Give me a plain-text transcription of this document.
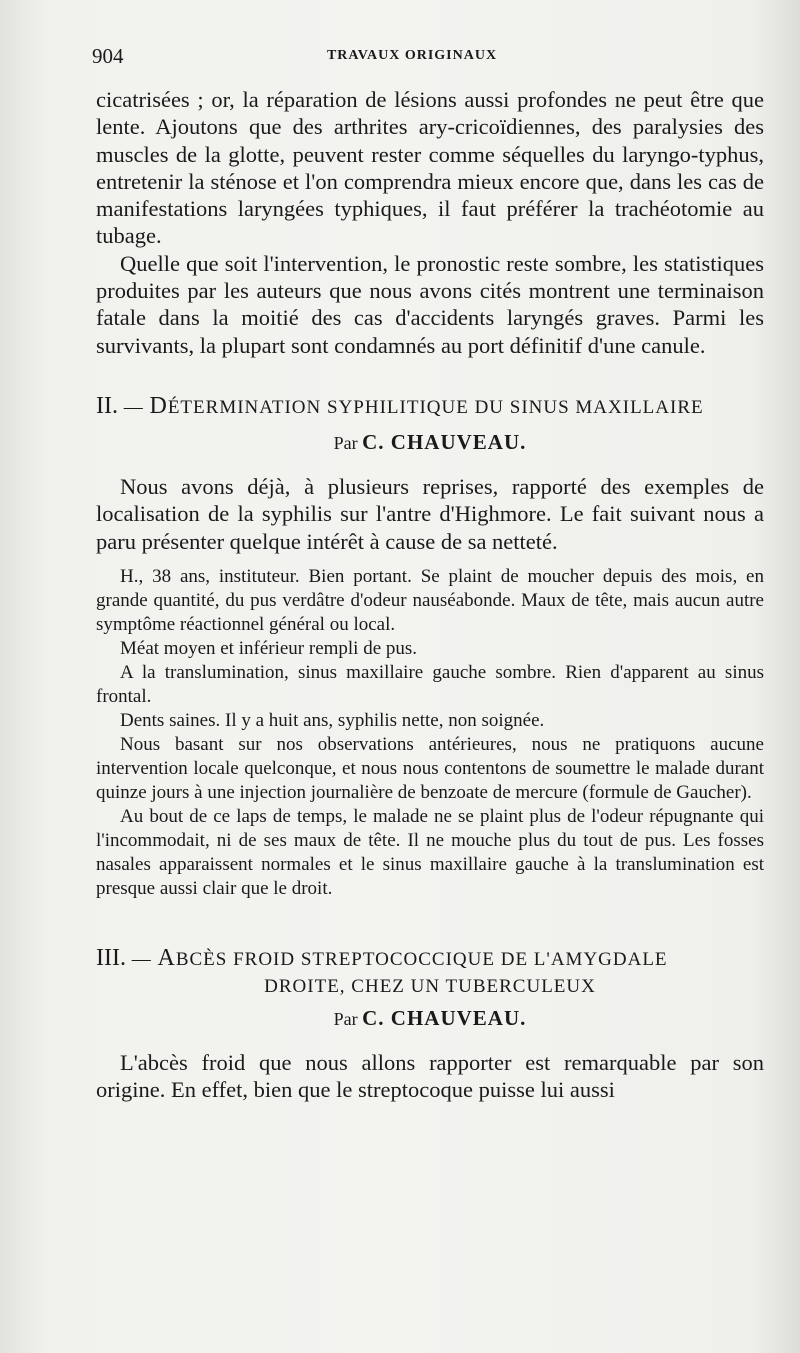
904	TRAVAUX ORIGINAUX

cicatrisées ; or, la réparation de lésions aussi profondes ne peut être que lente. Ajoutons que des arthrites ary-cricoïdiennes, des paralysies des muscles de la glotte, peuvent rester comme séquelles du laryngo-typhus, entretenir la sténose et l'on comprendra mieux encore que, dans les cas de manifestations laryngées typhiques, il faut préférer la trachéotomie au tubage.

Quelle que soit l'intervention, le pronostic reste sombre, les statistiques produites par les auteurs que nous avons cités montrent une terminaison fatale dans la moitié des cas d'accidents laryngés graves. Parmi les survivants, la plupart sont condamnés au port définitif d'une canule.

II. — DÉTERMINATION SYPHILITIQUE DU SINUS MAXILLAIRE
Par C. CHAUVEAU.

Nous avons déjà, à plusieurs reprises, rapporté des exemples de localisation de la syphilis sur l'antre d'Highmore. Le fait suivant nous a paru présenter quelque intérêt à cause de sa netteté.

H., 38 ans, instituteur. Bien portant. Se plaint de moucher depuis des mois, en grande quantité, du pus verdâtre d'odeur nauséabonde. Maux de tête, mais aucun autre symptôme réactionnel général ou local.

Méat moyen et inférieur rempli de pus.

A la translumination, sinus maxillaire gauche sombre. Rien d'apparent au sinus frontal.

Dents saines. Il y a huit ans, syphilis nette, non soignée.

Nous basant sur nos observations antérieures, nous ne pratiquons aucune intervention locale quelconque, et nous nous contentons de soumettre le malade durant quinze jours à une injection journalière de benzoate de mercure (formule de Gaucher).

Au bout de ce laps de temps, le malade ne se plaint plus de l'odeur répugnante qui l'incommodait, ni de ses maux de tête. Il ne mouche plus du tout de pus. Les fosses nasales apparaissent normales et le sinus maxillaire gauche à la translumination est presque aussi clair que le droit.

III. — ABCÈS FROID STREPTOCOCCIQUE DE L'AMYGDALE
DROITE, CHEZ UN TUBERCULEUX
Par C. CHAUVEAU.

L'abcès froid que nous allons rapporter est remarquable par son origine. En effet, bien que le streptocoque puisse lui aussi
